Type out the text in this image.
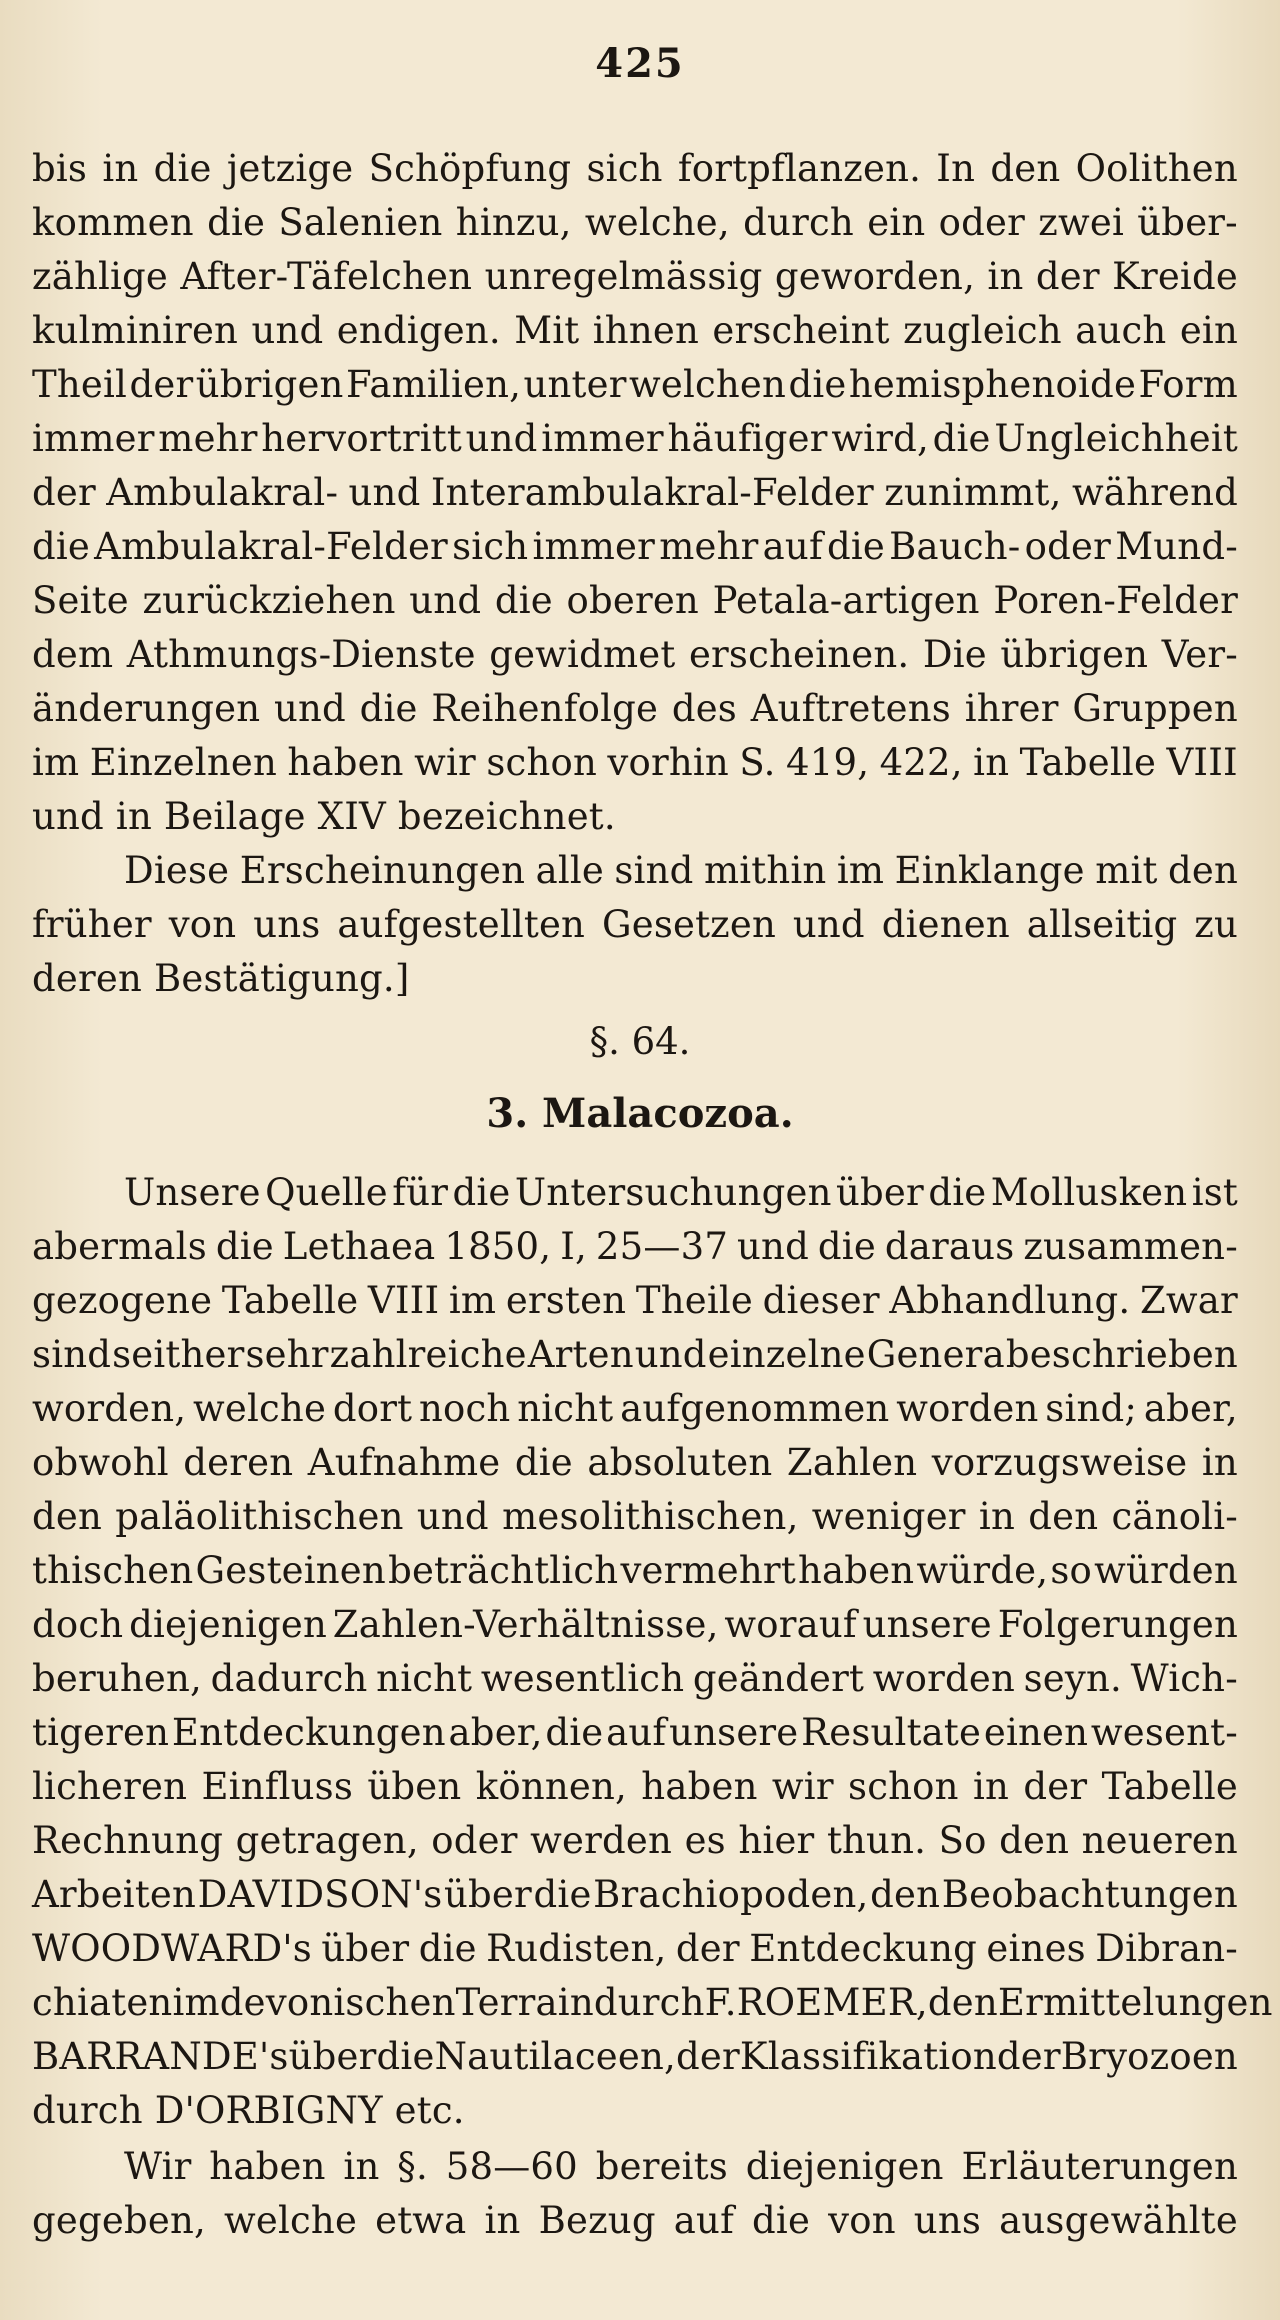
425
bis in die jetzige Schöpfung sich fortpflanzen. In den Oolithen
kommen die Salenien hinzu, welche, durch ein oder zwei über-
zählige After-Täfelchen unregelmässig geworden, in der Kreide
kulminiren und endigen. Mit ihnen erscheint zugleich auch ein
Theil der übrigen Familien, unter welchen die hemisphenoide Form
immer mehr hervortritt und immer häufiger wird, die Ungleichheit
der Ambulakral- und Interambulakral-Felder zunimmt, während
die Ambulakral-Felder sich immer mehr auf die Bauch- oder Mund-
Seite zurückziehen und die oberen Petala-artigen Poren-Felder
dem Athmungs-Dienste gewidmet erscheinen. Die übrigen Ver-
änderungen und die Reihenfolge des Auftretens ihrer Gruppen
im Einzelnen haben wir schon vorhin S. 419, 422, in Tabelle VIII
und in Beilage XIV bezeichnet.
Diese Erscheinungen alle sind mithin im Einklange mit den
früher von uns aufgestellten Gesetzen und dienen allseitig zu
deren Bestätigung.]
§. 64.
3. Malacozoa.
Unsere Quelle für die Untersuchungen über die Mollusken ist
abermals die Lethaea 1850, I, 25—37 und die daraus zusammen-
gezogene Tabelle VIII im ersten Theile dieser Abhandlung. Zwar
sind seither sehr zahlreiche Arten und einzelne Genera beschrieben
worden, welche dort noch nicht aufgenommen worden sind; aber,
obwohl deren Aufnahme die absoluten Zahlen vorzugsweise in
den paläolithischen und mesolithischen, weniger in den cänoli-
thischen Gesteinen beträchtlich vermehrt haben würde, so würden
doch diejenigen Zahlen-Verhältnisse, worauf unsere Folgerungen
beruhen, dadurch nicht wesentlich geändert worden seyn. Wich-
tigeren Entdeckungen aber, die auf unsere Resultate einen wesent-
licheren Einfluss üben können, haben wir schon in der Tabelle
Rechnung getragen, oder werden es hier thun. So den neueren
Arbeiten DAVIDSON's über die Brachiopoden, den Beobachtungen
WOODWARD's über die Rudisten, der Entdeckung eines Dibran-
chiaten im devonischen Terrain durch F. ROEMER, den Ermittelungen
BARRANDE's über die Nautilaceen, der Klassifikation der Bryozoen
durch D'ORBIGNY etc.
Wir haben in §. 58—60 bereits diejenigen Erläuterungen
gegeben, welche etwa in Bezug auf die von uns ausgewählte
